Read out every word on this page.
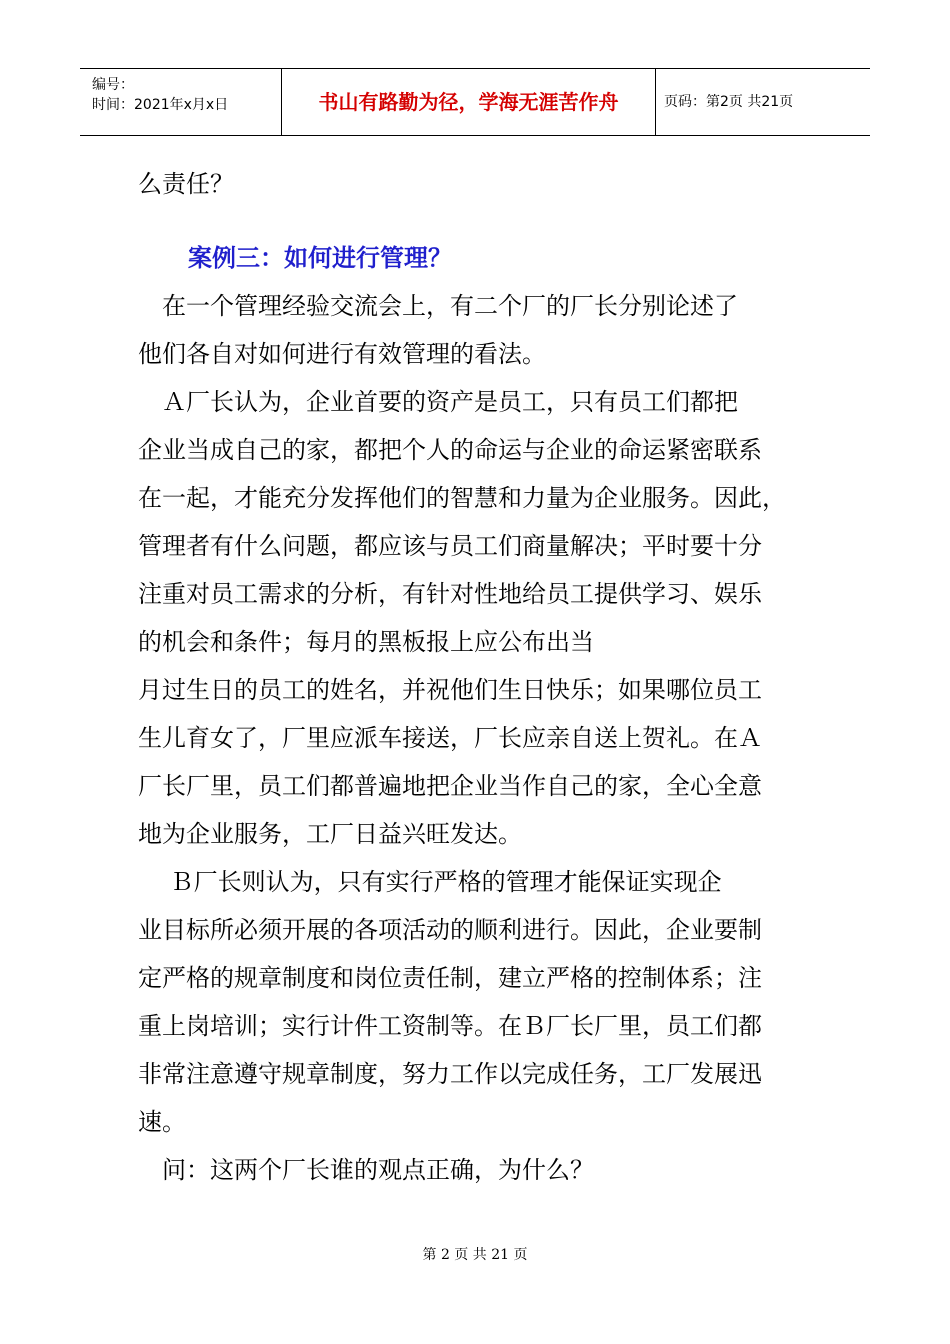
编号：
时间：2021年x月x日	书山有路勤为径，学海无涯苦作舟	页码：第2页 共21页
么责任？
案例三：如何进行管理？
　在一个管理经验交流会上，有二个厂的厂长分别论述了
他们各自对如何进行有效管理的看法。
　Ａ厂长认为，企业首要的资产是员工，只有员工们都把
企业当成自己的家，都把个人的命运与企业的命运紧密联系
在一起，才能充分发挥他们的智慧和力量为企业服务。因此，
管理者有什么问题，都应该与员工们商量解决；平时要十分
注重对员工需求的分析，有针对性地给员工提供学习、娱乐
的机会和条件；每月的黑板报上应公布出当
月过生日的员工的姓名，并祝他们生日快乐；如果哪位员工
生儿育女了，厂里应派车接送，厂长应亲自送上贺礼。在Ａ
厂长厂里，员工们都普遍地把企业当作自己的家，全心全意
地为企业服务，工厂日益兴旺发达。
　 Ｂ厂长则认为，只有实行严格的管理才能保证实现企
业目标所必须开展的各项活动的顺利进行。因此，企业要制
定严格的规章制度和岗位责任制，建立严格的控制体系；注
重上岗培训；实行计件工资制等。在Ｂ厂长厂里，员工们都
非常注意遵守规章制度，努力工作以完成任务，工厂发展迅
速。
　问：这两个厂长谁的观点正确，为什么？
第 2 页 共 21 页
